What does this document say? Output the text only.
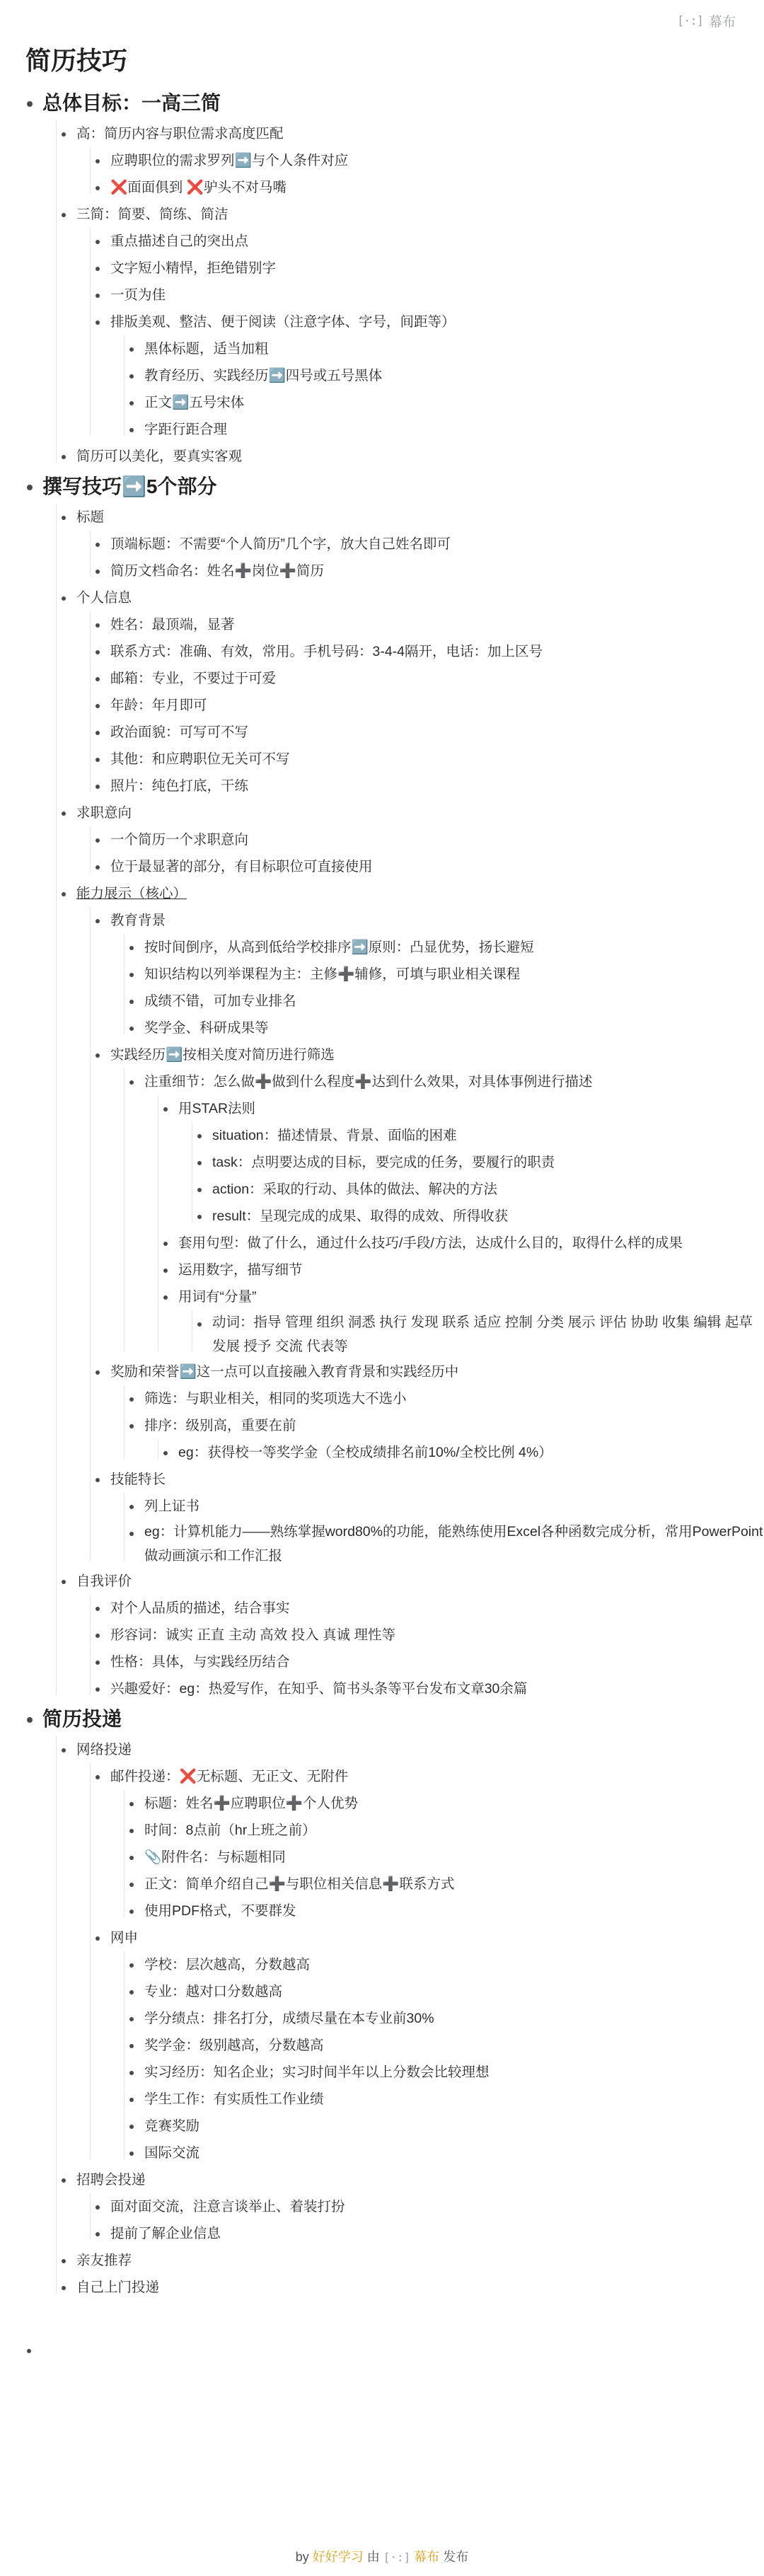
[·:] 幕布
简历技巧
总体目标：一高三简
高：简历内容与职位需求高度匹配
应聘职位的需求罗列➡️与个人条件对应
❌面面俱到 ❌驴头不对马嘴
三简：简要、简练、简洁
重点描述自己的突出点
文字短小精悍，拒绝错别字
一页为佳
排版美观、整洁、便于阅读（注意字体、字号，间距等）
黑体标题，适当加粗
教育经历、实践经历➡️四号或五号黑体
正文➡️五号宋体
字距行距合理
简历可以美化，要真实客观
撰写技巧➡️5个部分
标题
顶端标题：不需要“个人简历”几个字，放大自己姓名即可
简历文档命名：姓名➕岗位➕简历
个人信息
姓名：最顶端，显著
联系方式：准确、有效，常用。手机号码：3-4-4隔开，电话：加上区号
邮箱：专业，不要过于可爱
年龄：年月即可
政治面貌：可写可不写
其他：和应聘职位无关可不写
照片：纯色打底，干练
求职意向
一个简历一个求职意向
位于最显著的部分，有目标职位可直接使用
能力展示（核心）
教育背景
按时间倒序，从高到低给学校排序➡️原则：凸显优势，扬长避短
知识结构以列举课程为主：主修➕辅修，可填与职业相关课程
成绩不错，可加专业排名
奖学金、科研成果等
实践经历➡️按相关度对简历进行筛选
注重细节：怎么做➕做到什么程度➕达到什么效果，对具体事例进行描述
用STAR法则
situation：描述情景、背景、面临的困难
task：点明要达成的目标，要完成的任务，要履行的职责
action：采取的行动、具体的做法、解决的方法
result：呈现完成的成果、取得的成效、所得收获
套用句型：做了什么，通过什么技巧/手段/方法，达成什么目的，取得什么样的成果
运用数字，描写细节
用词有“分量”
动词：指导 管理 组织 洞悉 执行 发现 联系 适应 控制 分类 展示 评估 协助 收集 编辑 起草 发展 授予 交流 代表等
奖励和荣誉➡️这一点可以直接融入教育背景和实践经历中
筛选：与职业相关，相同的奖项选大不选小
排序：级别高，重要在前
eg：获得校一等奖学金（全校成绩排名前10%/全校比例 4%）
技能特长
列上证书
eg：计算机能力——熟练掌握word80%的功能，能熟练使用Excel各种函数完成分析，常用PowerPoint做动画演示和工作汇报
自我评价
对个人品质的描述，结合事实
形容词：诚实 正直 主动 高效 投入 真诚 理性等
性格：具体，与实践经历结合
兴趣爱好：eg：热爱写作，在知乎、简书头条等平台发布文章30余篇
简历投递
网络投递
邮件投递：❌无标题、无正文、无附件
标题：姓名➕应聘职位➕个人优势
时间：8点前（hr上班之前）
📎附件名：与标题相同
正文：简单介绍自己➕与职位相关信息➕联系方式
使用PDF格式，不要群发
网申
学校：层次越高，分数越高
专业：越对口分数越高
学分绩点：排名打分，成绩尽量在本专业前30%
奖学金：级别越高，分数越高
实习经历：知名企业；实习时间半年以上分数会比较理想
学生工作：有实质性工作业绩
竞赛奖励
国际交流
招聘会投递
面对面交流，注意言谈举止、着装打扮
提前了解企业信息
亲友推荐
自己上门投递
by 好好学习 由 [·:] 幕布 发布
